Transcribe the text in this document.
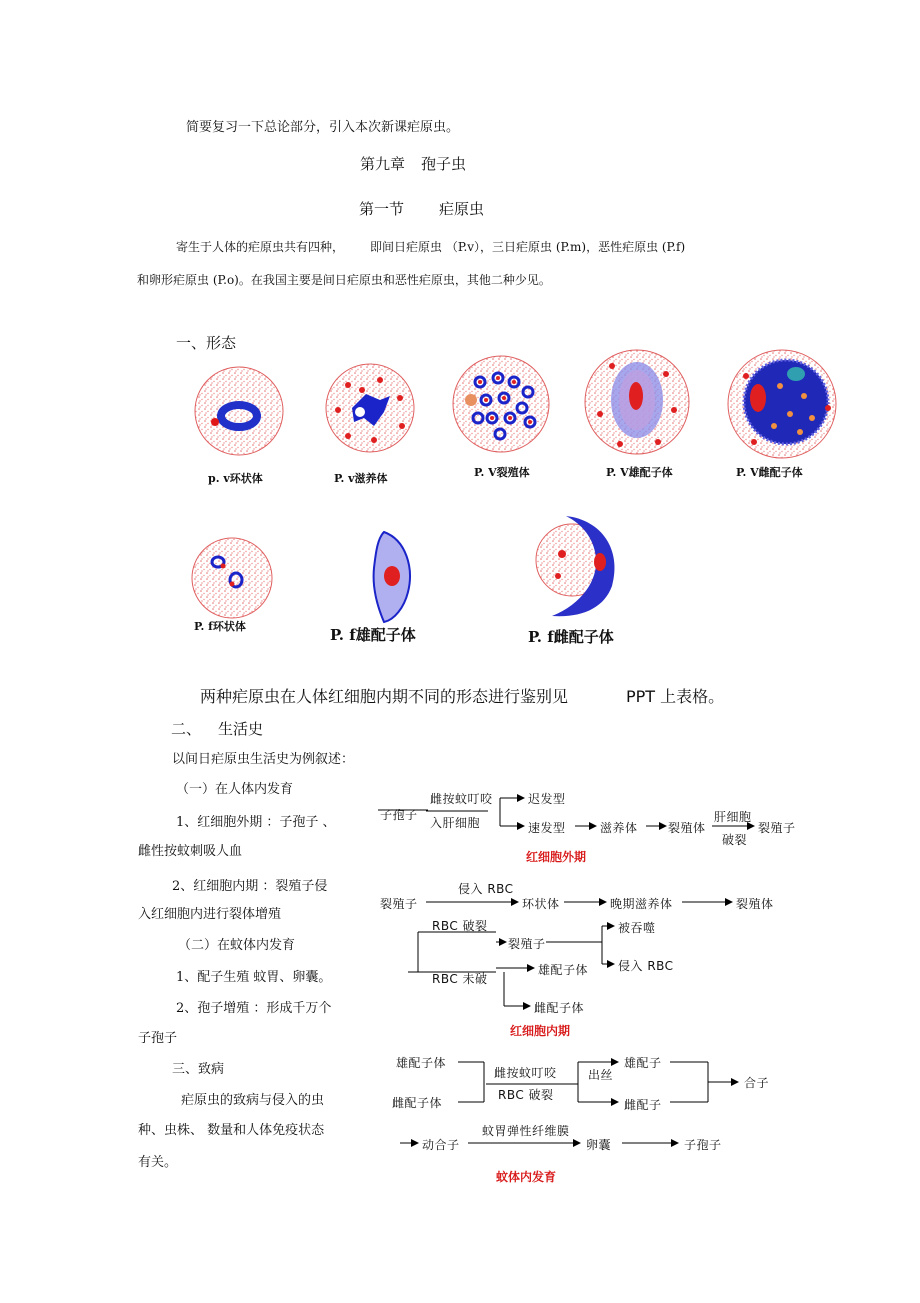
简要复习一下总论部分，引入本次新课疟原虫。
第九章 孢子虫
第一节 疟原虫
寄生于人体的疟原虫共有四种， 即间日疟原虫 （P.v），三日疟原虫 (P.m)，恶性疟原虫 (P.f)
和卵形疟原虫 (P.o)。在我国主要是间日疟原虫和恶性疟原虫，其他二种少见。
一、形态
p. v环状体	P. v滋养体	P. V裂殖体	P. V雄配子体	P. V雌配子体
P. f环状体	P. f雄配子体	P. f雌配子体
两种疟原虫在人体红细胞内期不同的形态进行鉴别见	PPT 上表格。
二、 生活史
以间日疟原虫生活史为例叙述：
（一）在人体内发育
1、红细胞外期 ：子孢子 、
雌性按蚊刺吸人血
2、红细胞内期 ：裂殖子侵
入红细胞内进行裂体增殖
（二）在蚊体内发育
1、配子生殖 蚊胃、卵囊。
2、孢子增殖 ：形成千万个
子孢子
三、致病
疟原虫的致病与侵入的虫
种、虫株、 数量和人体免疫状态
有关。
子孢子
雌按蚊叮咬
入肝细胞
迟发型
速发型	滋养体	裂殖体
肝细胞
破裂
裂殖子
红细胞外期
裂殖子
侵入 RBC
环状体	晚期滋养体	裂殖体
RBC 破裂
裂殖子
被吞噬
侵入 RBC
RBC 未破
雄配子体
雌配子体
红细胞内期
雄配子体
雌配子体
雌按蚊叮咬
RBC 破裂
出丝
雄配子
雌配子
合子
蚊胃弹性纤维膜
动合子	卵囊	子孢子
蚊体内发育
